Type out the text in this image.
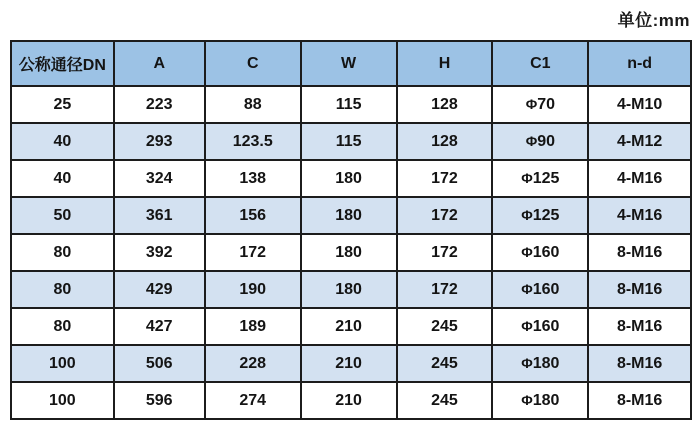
单位:mm
公称通径DN	A	C	W	H	C1	n-d
25	223	88	115	128	Φ70	4-M10
40	293	123.5	115	128	Φ90	4-M12
40	324	138	180	172	Φ125	4-M16
50	361	156	180	172	Φ125	4-M16
80	392	172	180	172	Φ160	8-M16
80	429	190	180	172	Φ160	8-M16
80	427	189	210	245	Φ160	8-M16
100	506	228	210	245	Φ180	8-M16
100	596	274	210	245	Φ180	8-M16
